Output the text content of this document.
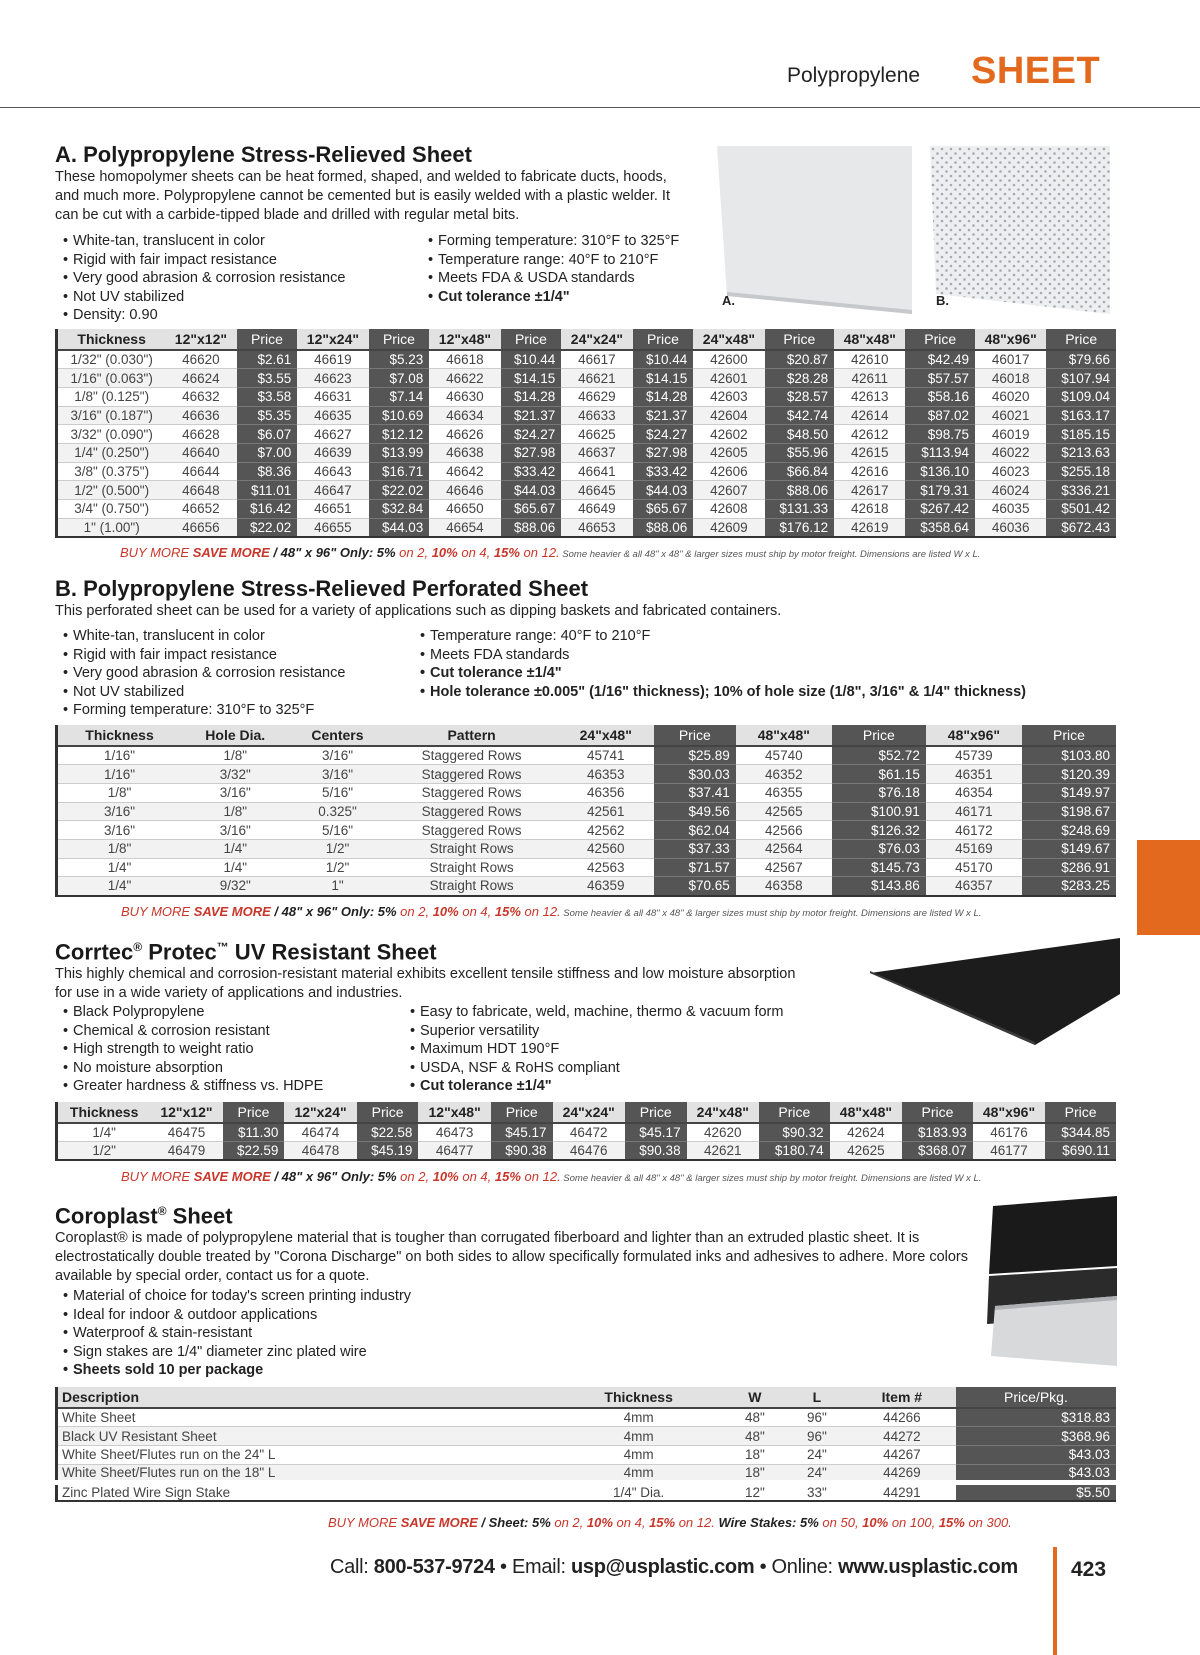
Polypropylene SHEET
A. Polypropylene Stress-Relieved Sheet
These homopolymer sheets can be heat formed, shaped, and welded to fabricate ducts, hoods, and much more. Polypropylene cannot be cemented but is easily welded with a plastic welder. It can be cut with a carbide-tipped blade and drilled with regular metal bits.
• White-tan, translucent in color
• Rigid with fair impact resistance
• Very good abrasion & corrosion resistance
• Not UV stabilized
• Density: 0.90
• Forming temperature: 310°F to 325°F
• Temperature range: 40°F to 210°F
• Meets FDA & USDA standards
• Cut tolerance ±1/4"	A.	B.
Thickness	12"x12"	Price	12"x24"	Price	12"x48"	Price	24"x24"	Price	24"x48"	Price	48"x48"	Price	48"x96"	Price
1/32" (0.030")	46620	$2.61	46619	$5.23	46618	$10.44	46617	$10.44	42600	$20.87	42610	$42.49	46017	$79.66
1/16" (0.063")	46624	$3.55	46623	$7.08	46622	$14.15	46621	$14.15	42601	$28.28	42611	$57.57	46018	$107.94
1/8" (0.125")	46632	$3.58	46631	$7.14	46630	$14.28	46629	$14.28	42603	$28.57	42613	$58.16	46020	$109.04
3/16" (0.187")	46636	$5.35	46635	$10.69	46634	$21.37	46633	$21.37	42604	$42.74	42614	$87.02	46021	$163.17
3/32" (0.090")	46628	$6.07	46627	$12.12	46626	$24.27	46625	$24.27	42602	$48.50	42612	$98.75	46019	$185.15
1/4" (0.250")	46640	$7.00	46639	$13.99	46638	$27.98	46637	$27.98	42605	$55.96	42615	$113.94	46022	$213.63
3/8" (0.375")	46644	$8.36	46643	$16.71	46642	$33.42	46641	$33.42	42606	$66.84	42616	$136.10	46023	$255.18
1/2" (0.500")	46648	$11.01	46647	$22.02	46646	$44.03	46645	$44.03	42607	$88.06	42617	$179.31	46024	$336.21
3/4" (0.750")	46652	$16.42	46651	$32.84	46650	$65.67	46649	$65.67	42608	$131.33	42618	$267.42	46035	$501.42
1" (1.00")	46656	$22.02	46655	$44.03	46654	$88.06	46653	$88.06	42609	$176.12	42619	$358.64	46036	$672.43
BUY MORE SAVE MORE / 48" x 96" Only: 5% on 2, 10% on 4, 15% on 12. Some heavier & all 48" x 48" & larger sizes must ship by motor freight. Dimensions are listed W x L.
B. Polypropylene Stress-Relieved Perforated Sheet
This perforated sheet can be used for a variety of applications such as dipping baskets and fabricated containers.
• White-tan, translucent in color
• Rigid with fair impact resistance
• Very good abrasion & corrosion resistance
• Not UV stabilized
• Forming temperature: 310°F to 325°F
• Temperature range: 40°F to 210°F
• Meets FDA standards
• Cut tolerance ±1/4"
• Hole tolerance ±0.005" (1/16" thickness); 10% of hole size (1/8", 3/16" & 1/4" thickness)
Thickness	Hole Dia.	Centers	Pattern	24"x48"	Price	48"x48"	Price	48"x96"	Price
1/16"	1/8"	3/16"	Staggered Rows	45741	$25.89	45740	$52.72	45739	$103.80
1/16"	3/32"	3/16"	Staggered Rows	46353	$30.03	46352	$61.15	46351	$120.39
1/8"	3/16"	5/16"	Staggered Rows	46356	$37.41	46355	$76.18	46354	$149.97
3/16"	1/8"	0.325"	Staggered Rows	42561	$49.56	42565	$100.91	46171	$198.67
3/16"	3/16"	5/16"	Staggered Rows	42562	$62.04	42566	$126.32	46172	$248.69
1/8"	1/4"	1/2"	Straight Rows	42560	$37.33	42564	$76.03	45169	$149.67
1/4"	1/4"	1/2"	Straight Rows	42563	$71.57	42567	$145.73	45170	$286.91
1/4"	9/32"	1"	Straight Rows	46359	$70.65	46358	$143.86	46357	$283.25
BUY MORE SAVE MORE / 48" x 96" Only: 5% on 2, 10% on 4, 15% on 12. Some heavier & all 48" x 48" & larger sizes must ship by motor freight. Dimensions are listed W x L.
Corrtec® Protec™ UV Resistant Sheet
This highly chemical and corrosion-resistant material exhibits excellent tensile stiffness and low moisture absorption for use in a wide variety of applications and industries.
• Black Polypropylene
• Chemical & corrosion resistant
• High strength to weight ratio
• No moisture absorption
• Greater hardness & stiffness vs. HDPE
• Easy to fabricate, weld, machine, thermo & vacuum form
• Superior versatility
• Maximum HDT 190°F
• USDA, NSF & RoHS compliant
• Cut tolerance ±1/4"
Thickness	12"x12"	Price	12"x24"	Price	12"x48"	Price	24"x24"	Price	24"x48"	Price	48"x48"	Price	48"x96"	Price
1/4"	46475	$11.30	46474	$22.58	46473	$45.17	46472	$45.17	42620	$90.32	42624	$183.93	46176	$344.85
1/2"	46479	$22.59	46478	$45.19	46477	$90.38	46476	$90.38	42621	$180.74	42625	$368.07	46177	$690.11
BUY MORE SAVE MORE / 48" x 96" Only: 5% on 2, 10% on 4, 15% on 12. Some heavier & all 48" x 48" & larger sizes must ship by motor freight. Dimensions are listed W x L.
Coroplast® Sheet
Coroplast® is made of polypropylene material that is tougher than corrugated fiberboard and lighter than an extruded plastic sheet. It is electrostatically double treated by "Corona Discharge" on both sides to allow specifically formulated inks and adhesives to adhere. More colors available by special order, contact us for a quote.
• Material of choice for today's screen printing industry
• Ideal for indoor & outdoor applications
• Waterproof & stain-resistant
• Sign stakes are 1/4" diameter zinc plated wire
• Sheets sold 10 per package
Description	Thickness	W	L	Item #	Price/Pkg.
White Sheet	4mm	48"	96"	44266	$318.83
Black UV Resistant Sheet	4mm	48"	96"	44272	$368.96
White Sheet/Flutes run on the 24" L	4mm	18"	24"	44267	$43.03
White Sheet/Flutes run on the 18" L	4mm	18"	24"	44269	$43.03
Zinc Plated Wire Sign Stake	1/4" Dia.	12"	33"	44291	$5.50
BUY MORE SAVE MORE / Sheet: 5% on 2, 10% on 4, 15% on 12. Wire Stakes: 5% on 50, 10% on 100, 15% on 300.
Call: 800-537-9724 • Email: usp@usplastic.com • Online: www.usplastic.com	423
